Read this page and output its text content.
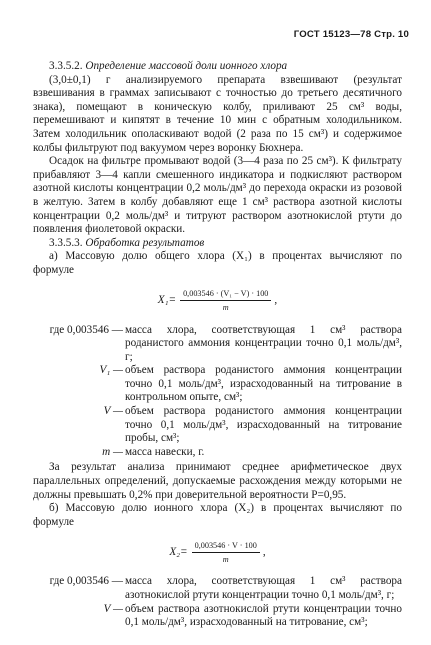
ГОСТ 15123—78 Стр. 10

3.3.5.2. Определение массовой доли ионного хлора

(3,0±0,1) г анализируемого препарата взвешивают (результат взвешивания в граммах записывают с точностью до третьего десятичного знака), помещают в коническую колбу, приливают 25 см³ воды, перемешивают и кипятят в течение 10 мин с обратным холодильником. Затем холодильник ополаскивают водой (2 раза по 15 см³) и содержимое колбы фильтруют под вакуумом через воронку Бюхнера.

Осадок на фильтре промывают водой (3—4 раза по 25 см³). К фильтрату прибавляют 3—4 капли смешенного индикатора и подкисляют раствором азотной кислоты концентрации 0,2 моль/дм³ до перехода окраски из розовой в желтую. Затем в колбу добавляют еще 1 см³ раствора азотной кислоты концентрации 0,2 моль/дм³ и титруют раствором азотнокислой ртути до появления фиолетовой окраски.

3.3.5.3. Обработка результатов

а) Массовую долю общего хлора (X₁) в процентах вычисляют по формуле

$X_1= \frac{\text{0,003546 · (V₁ − V) · 100}}{m}$ ,
где 0,003546 — масса хлора, соответствующая 1 см³ раствора роданистого аммония концентрации точно 0,1 моль/дм³, г;
V₁ — объем раствора роданистого аммония концентрации точно 0,1 моль/дм³, израсходованный на титрование в контрольном опыте, см³;
V — объем раствора роданистого аммония концентрации точно 0,1 моль/дм³, израсходованный на титрование пробы, см³;
m — масса навески, г.

За результат анализа принимают среднее арифметическое двух параллельных определений, допускаемые расхождения между которыми не должны превышать 0,2% при доверительной вероятности P=0,95.

б) Массовую долю ионного хлора (X₂) в процентах вычисляют по формуле

$X_2= \frac{0,003546 \cdot V \cdot 100}{m}$ ,
где 0,003546 — масса хлора, соответствующая 1 см³ раствора азотнокислой ртути концентрации точно 0,1 моль/дм³, г;
V — объем раствора азотнокислой ртути концентрации точно 0,1 моль/дм³, израсходованный на титрование, см³;
